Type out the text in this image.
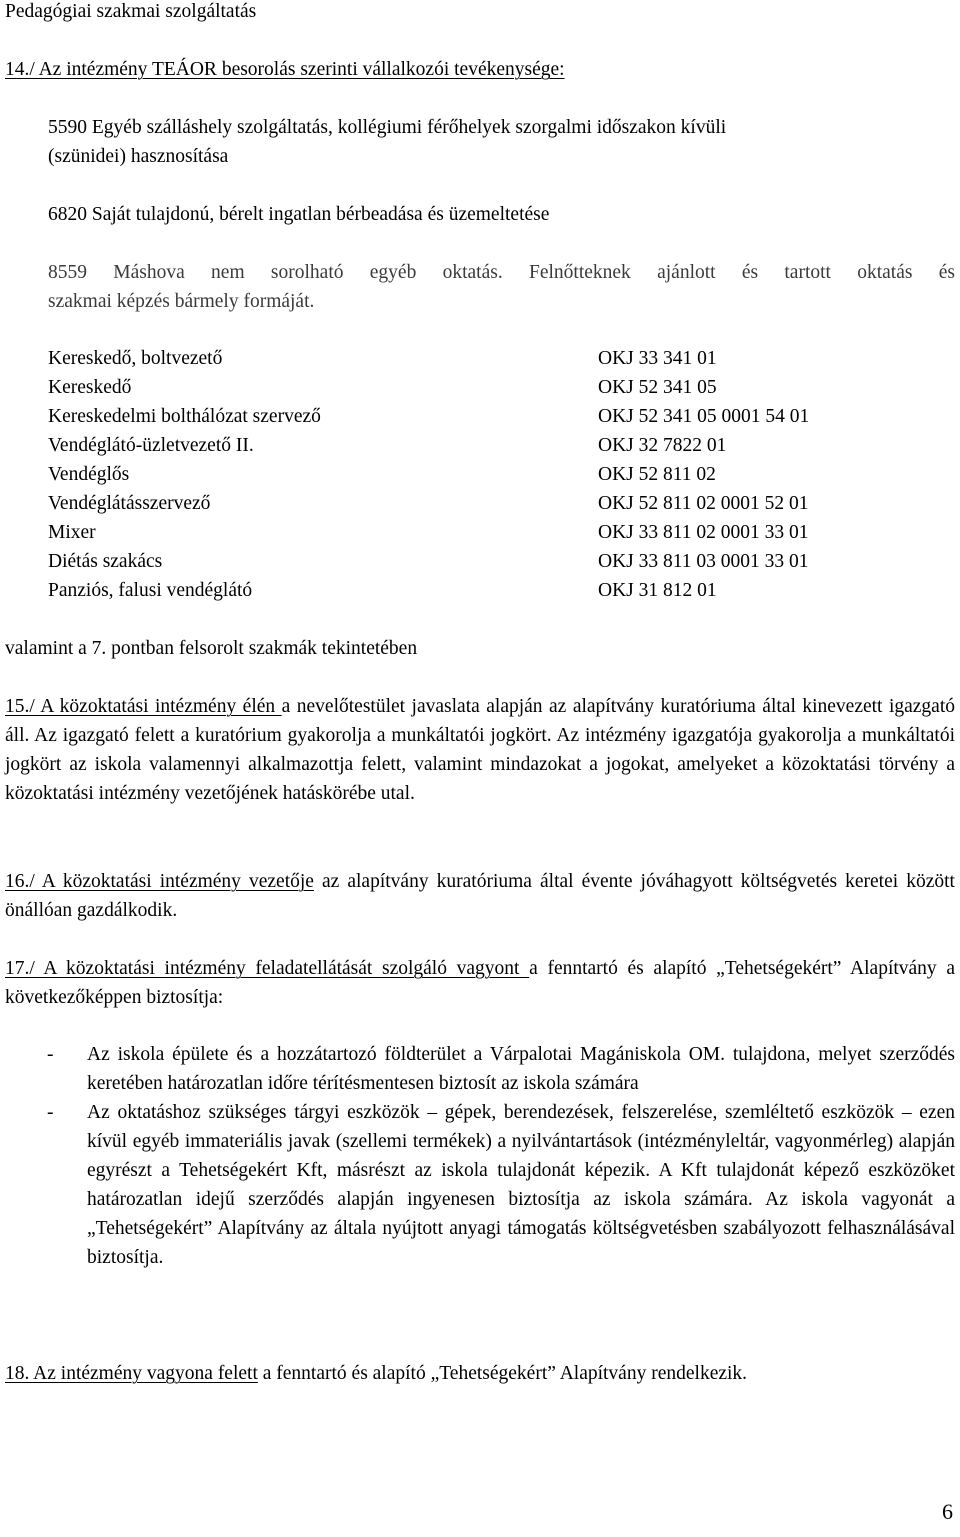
Pedagógiai szakmai szolgáltatás
14./ Az intézmény TEÁOR besorolás szerinti vállalkozói tevékenysége:
5590 Egyéb szálláshely szolgáltatás, kollégiumi férőhelyek szorgalmi időszakon kívüli
(szünidei) hasznosítása
6820 Saját tulajdonú, bérelt ingatlan bérbeadása és üzemeltetése
8559 Máshova nem sorolható egyéb oktatás. Felnőtteknek ajánlott és tartott oktatás és
szakmai képzés bármely formáját.
Kereskedő, boltvezető	OKJ 33 341 01
Kereskedő	OKJ 52 341 05
Kereskedelmi bolthálózat szervező	OKJ 52 341 05 0001 54 01
Vendéglátó-üzletvezető II.	OKJ 32 7822 01
Vendéglős	OKJ 52 811 02
Vendéglátásszervező	OKJ 52 811 02 0001 52 01
Mixer	OKJ 33 811 02 0001 33 01
Diétás szakács	OKJ 33 811 03 0001 33 01
Panziós, falusi vendéglátó	OKJ 31 812 01
valamint a 7. pontban felsorolt szakmák tekintetében
15./ A közoktatási intézmény élén a nevelőtestület javaslata alapján az alapítvány kuratóriuma által kinevezett igazgató áll. Az igazgató felett a kuratórium gyakorolja a munkáltatói jogkört. Az intézmény igazgatója gyakorolja a munkáltatói jogkört az iskola valamennyi alkalmazottja felett, valamint mindazokat a jogokat, amelyeket a közoktatási törvény a közoktatási intézmény vezetőjének hatáskörébe utal.
16./ A közoktatási intézmény vezetője az alapítvány kuratóriuma által évente jóváhagyott költségvetés keretei között önállóan gazdálkodik.
17./ A közoktatási intézmény feladatellátását szolgáló vagyont a fenntartó és alapító „Tehetségekért” Alapítvány a következőképpen biztosítja:
- Az iskola épülete és a hozzátartozó földterület a Várpalotai Magániskola OM. tulajdona, melyet szerződés keretében határozatlan időre térítésmentesen biztosít az iskola számára
- Az oktatáshoz szükséges tárgyi eszközök – gépek, berendezések, felszerelése, szemléltető eszközök – ezen kívül egyéb immateriális javak (szellemi termékek) a nyilvántartások (intézményleltár, vagyonmérleg) alapján egyrészt a Tehetségekért Kft, másrészt az iskola tulajdonát képezik. A Kft tulajdonát képező eszközöket határozatlan idejű szerződés alapján ingyenesen biztosítja az iskola számára. Az iskola vagyonát a „Tehetségekért” Alapítvány az általa nyújtott anyagi támogatás költségvetésben szabályozott felhasználásával biztosítja.
18. Az intézmény vagyona felett a fenntartó és alapító „Tehetségekért” Alapítvány rendelkezik.
6
